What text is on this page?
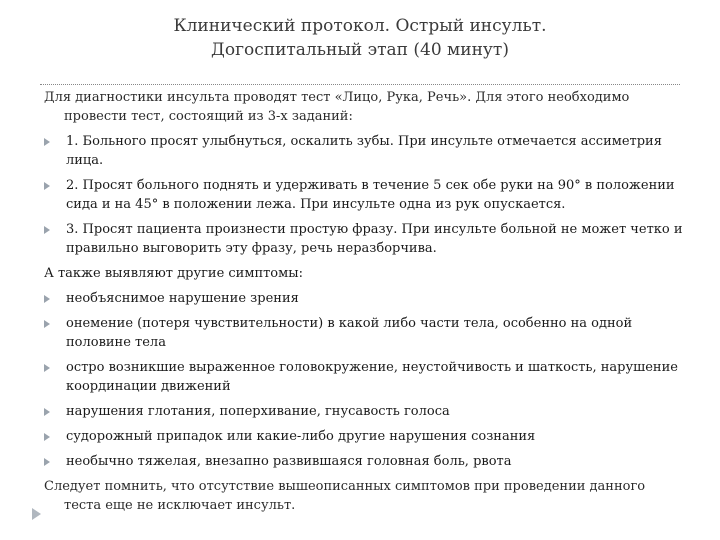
Клинический протокол. Острый инсульт.
Догоспитальный этап (40 минут)

Для диагностики инсульта проводят тест «Лицо, Рука, Речь». Для этого необходимо провести тест, состоящий из 3-х заданий:

1. Больного просят улыбнуться, оскалить зубы. При инсульте отмечается ассиметрия лица.
2. Просят больного поднять и удерживать в течение 5 сек обе руки на 90° в положении сида и на 45° в положении лежа. При инсульте одна из рук опускается.
3. Просят пациента произнести простую фразу. При инсульте больной не может четко и правильно выговорить эту фразу, речь неразборчива.

А также выявляют другие симптомы:

необъяснимое нарушение зрения
онемение (потеря чувствительности) в какой либо части тела, особенно на одной половине тела
остро возникшие выраженное головокружение, неустойчивость и шаткость, нарушение координации движений
нарушения глотания, поперхивание, гнусавость голоса
судорожный припадок или какие-либо другие нарушения сознания
необычно тяжелая, внезапно развившаяся головная боль, рвота

Следует помнить, что отсутствие вышеописанных симптомов при проведении данного теста еще не исключает инсульт.
